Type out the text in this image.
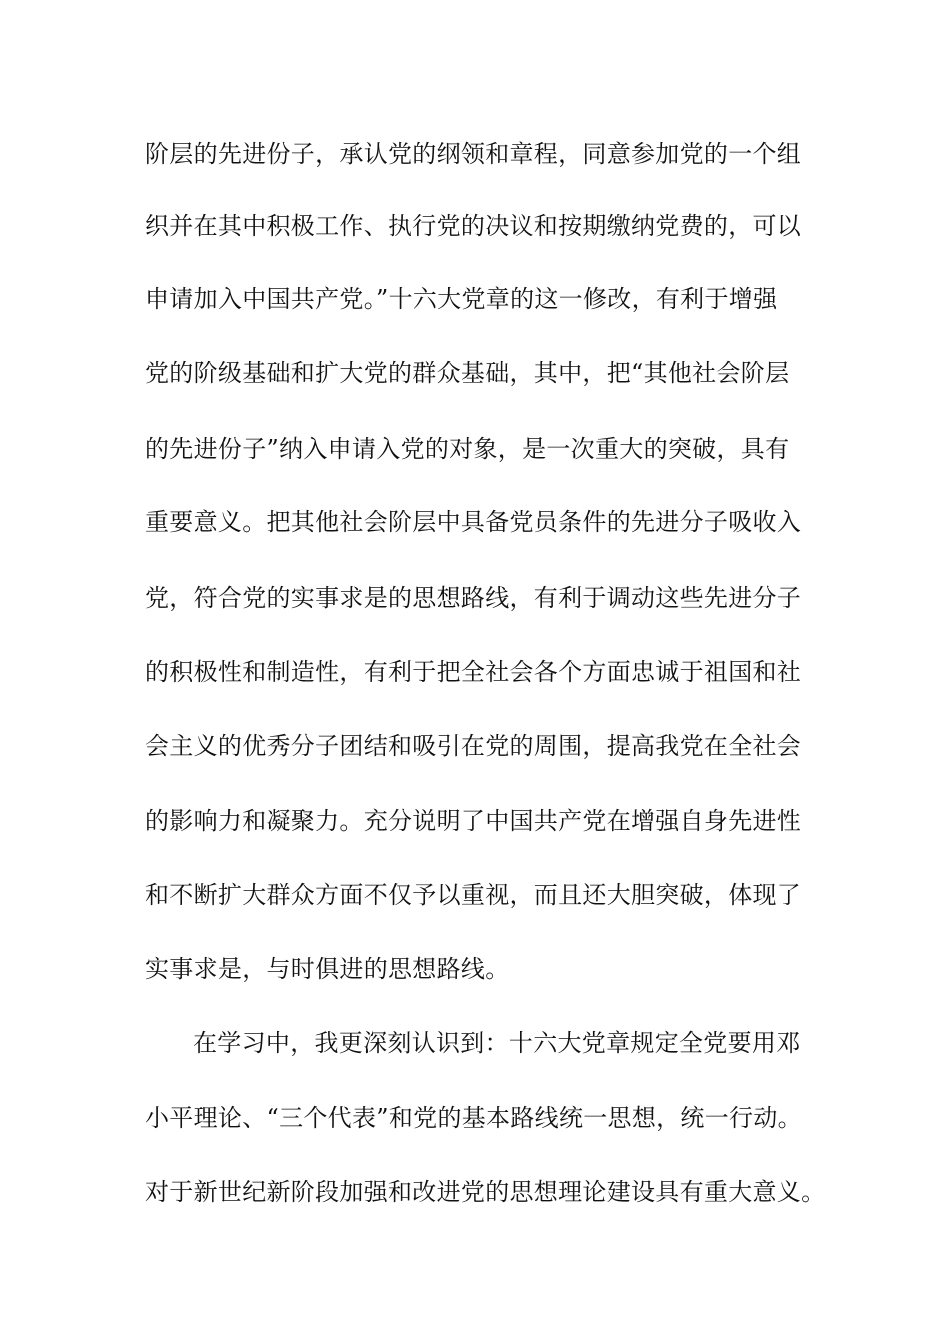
阶层的先进份子，承认党的纲领和章程，同意参加党的一个组
织并在其中积极工作、执行党的决议和按期缴纳党费的，可以
申请加入中国共产党。”十六大党章的这一修改，有利于增强
党的阶级基础和扩大党的群众基础，其中，把“其他社会阶层
的先进份子”纳入申请入党的对象，是一次重大的突破，具有
重要意义。把其他社会阶层中具备党员条件的先进分子吸收入
党，符合党的实事求是的思想路线，有利于调动这些先进分子
的积极性和制造性，有利于把全社会各个方面忠诚于祖国和社
会主义的优秀分子团结和吸引在党的周围，提高我党在全社会
的影响力和凝聚力。充分说明了中国共产党在增强自身先进性
和不断扩大群众方面不仅予以重视，而且还大胆突破，体现了
实事求是，与时俱进的思想路线。
在学习中，我更深刻认识到：十六大党章规定全党要用邓
小平理论、“三个代表”和党的基本路线统一思想，统一行动。
对于新世纪新阶段加强和改进党的思想理论建设具有重大意义。
